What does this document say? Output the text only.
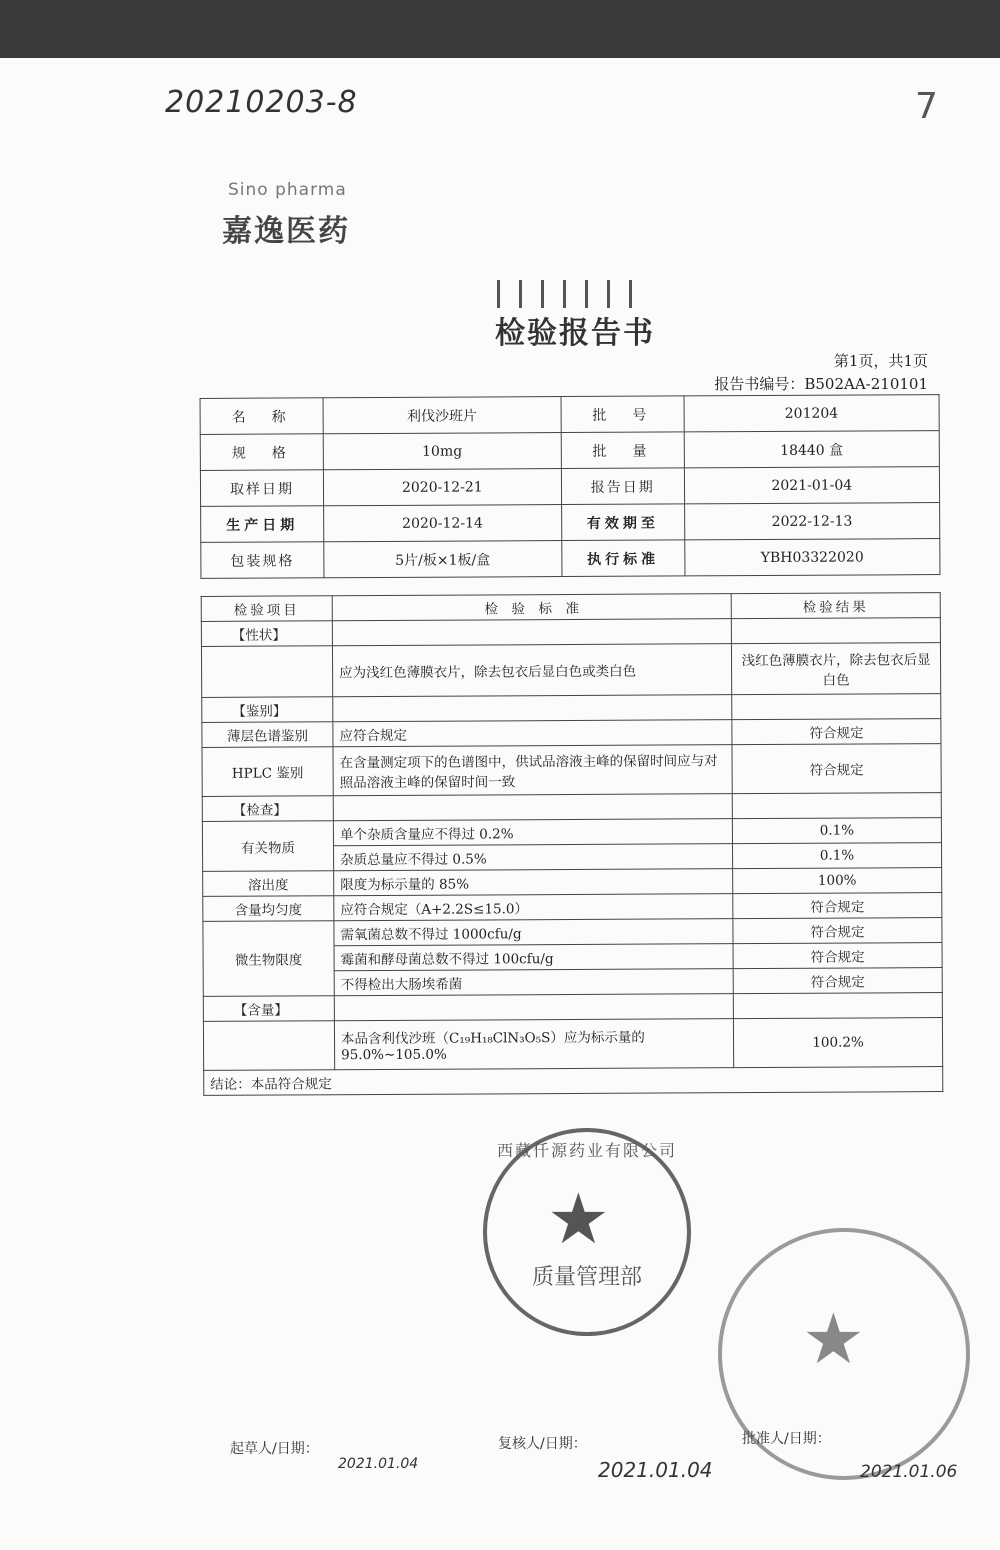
20210203-8	7
Sino pharma
嘉逸医药
检验报告书
第1页，共1页
报告书编号：B502AA-210101
名　称	利伐沙班片	批　号	201204
规　格	10mg	批　量	18440 盒
取样日期	2020-12-21	报告日期	2021-01-04
生产日期	2020-12-14	有效期至	2022-12-13
包装规格	5片/板×1板/盒	执行标准	YBH03322020
检验项目	检　验　标　准	检验结果
【性状】		
	应为浅红色薄膜衣片，除去包衣后显白色或类白色	浅红色薄膜衣片，除去包衣后显白色
【鉴别】		
薄层色谱鉴别	应符合规定	符合规定
HPLC 鉴别	在含量测定项下的色谱图中，供试品溶液主峰的保留时间应与对照品溶液主峰的保留时间一致	符合规定
【检查】		
有关物质	单个杂质含量应不得过 0.2%	0.1%
	杂质总量应不得过 0.5%	0.1%
溶出度	限度为标示量的 85%	100%
含量均匀度	应符合规定（A+2.2S≤15.0）	符合规定
微生物限度	需氧菌总数不得过 1000cfu/g	符合规定
	霉菌和酵母菌总数不得过 100cfu/g	符合规定
	不得检出大肠埃希菌	符合规定
【含量】		
	本品含利伐沙班（C₁₉H₁₈ClN₃O₅S）应为标示量的 95.0%~105.0%	100.2%
结论：本品符合规定		
西藏仟源药业有限公司
★
质量管理部
★
起草人/日期：
2021.01.04
复核人/日期：
2021.01.04
批准人/日期：
2021.01.06
